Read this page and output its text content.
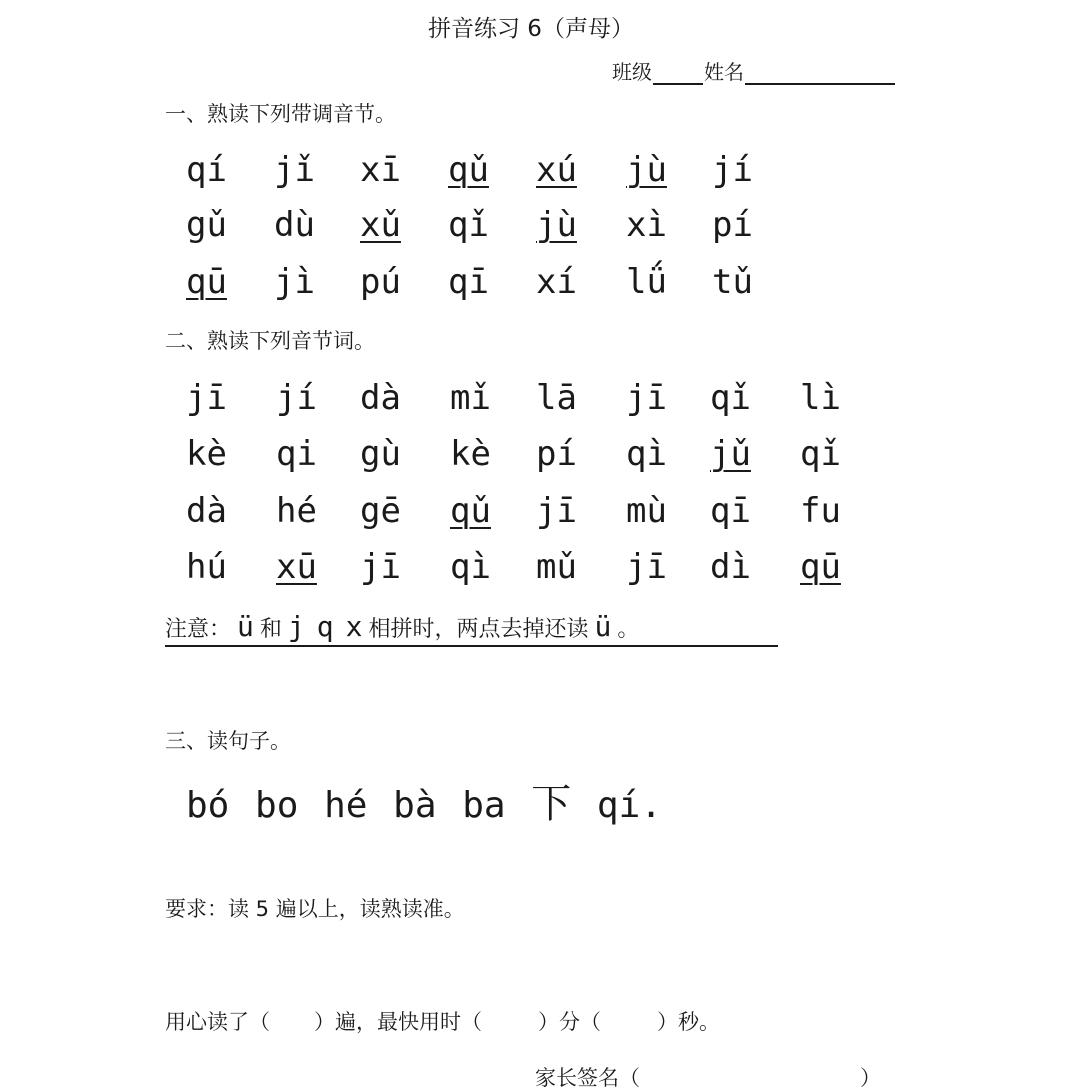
拼音练习 6（声母）
班级	姓名
一、熟读下列带调音节。
qí jǐ xī qǔ xú jù jí
gǔ dù xǔ qǐ jù xì pí
qū jì pú qī xí lǘ tǔ
二、熟读下列音节词。
jī jí dà mǐ lā jī qǐ lì
kè qi gù kè pí qì jǔ qǐ
dà hé gē qǔ jī mù qī fu
hú xū jī qì mǔ jī dì qū
注意： ü 和 j q x 相拼时，两点去掉还读 ü 。
三、读句子。
bó bo hé bà ba 下 qí.
要求：读 5 遍以上，读熟读准。
用心读了（ ）遍，最快用时（	）分（	）秒。
家长签名（	）
